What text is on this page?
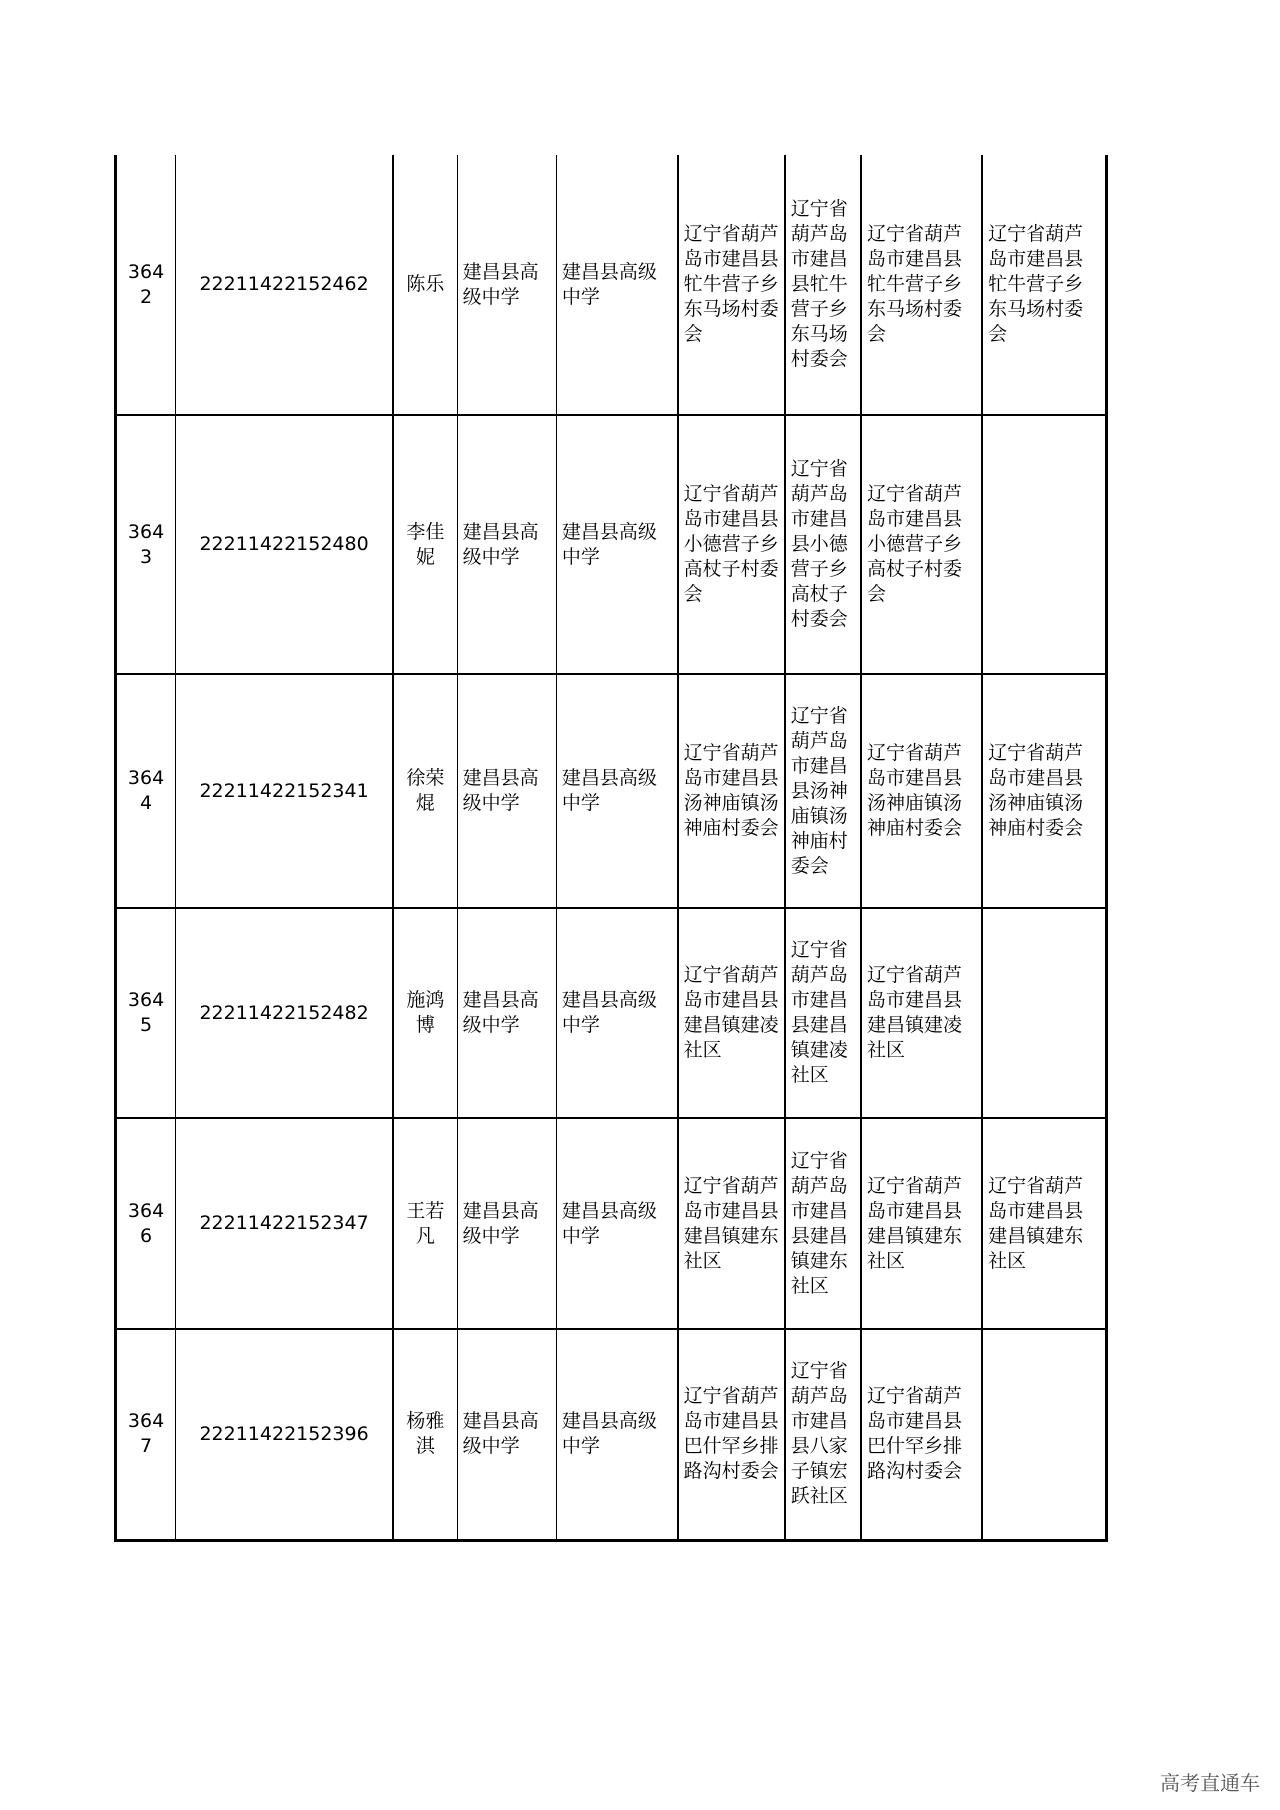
3642	22211422152462	陈乐	建昌县高级中学	建昌县高级中学	辽宁省葫芦岛市建昌县牤牛营子乡东马场村委会	辽宁省葫芦岛市建昌县牤牛营子乡东马场村委会	辽宁省葫芦岛市建昌县牤牛营子乡东马场村委会	辽宁省葫芦岛市建昌县牤牛营子乡东马场村委会
3643	22211422152480	李佳妮	建昌县高级中学	建昌县高级中学	辽宁省葫芦岛市建昌县小德营子乡高杖子村委会	辽宁省葫芦岛市建昌县小德营子乡高杖子村委会	辽宁省葫芦岛市建昌县小德营子乡高杖子村委会	
3644	22211422152341	徐荣焜	建昌县高级中学	建昌县高级中学	辽宁省葫芦岛市建昌县汤神庙镇汤神庙村委会	辽宁省葫芦岛市建昌县汤神庙镇汤神庙村委会	辽宁省葫芦岛市建昌县汤神庙镇汤神庙村委会	辽宁省葫芦岛市建昌县汤神庙镇汤神庙村委会
3645	22211422152482	施鸿博	建昌县高级中学	建昌县高级中学	辽宁省葫芦岛市建昌县建昌镇建凌社区	辽宁省葫芦岛市建昌县建昌镇建凌社区	辽宁省葫芦岛市建昌县建昌镇建凌社区	
3646	22211422152347	王若凡	建昌县高级中学	建昌县高级中学	辽宁省葫芦岛市建昌县建昌镇建东社区	辽宁省葫芦岛市建昌县建昌镇建东社区	辽宁省葫芦岛市建昌县建昌镇建东社区	辽宁省葫芦岛市建昌县建昌镇建东社区
3647	22211422152396	杨雅淇	建昌县高级中学	建昌县高级中学	辽宁省葫芦岛市建昌县巴什罕乡排路沟村委会	辽宁省葫芦岛市建昌县八家子镇宏跃社区	辽宁省葫芦岛市建昌县巴什罕乡排路沟村委会	
高考直通车
